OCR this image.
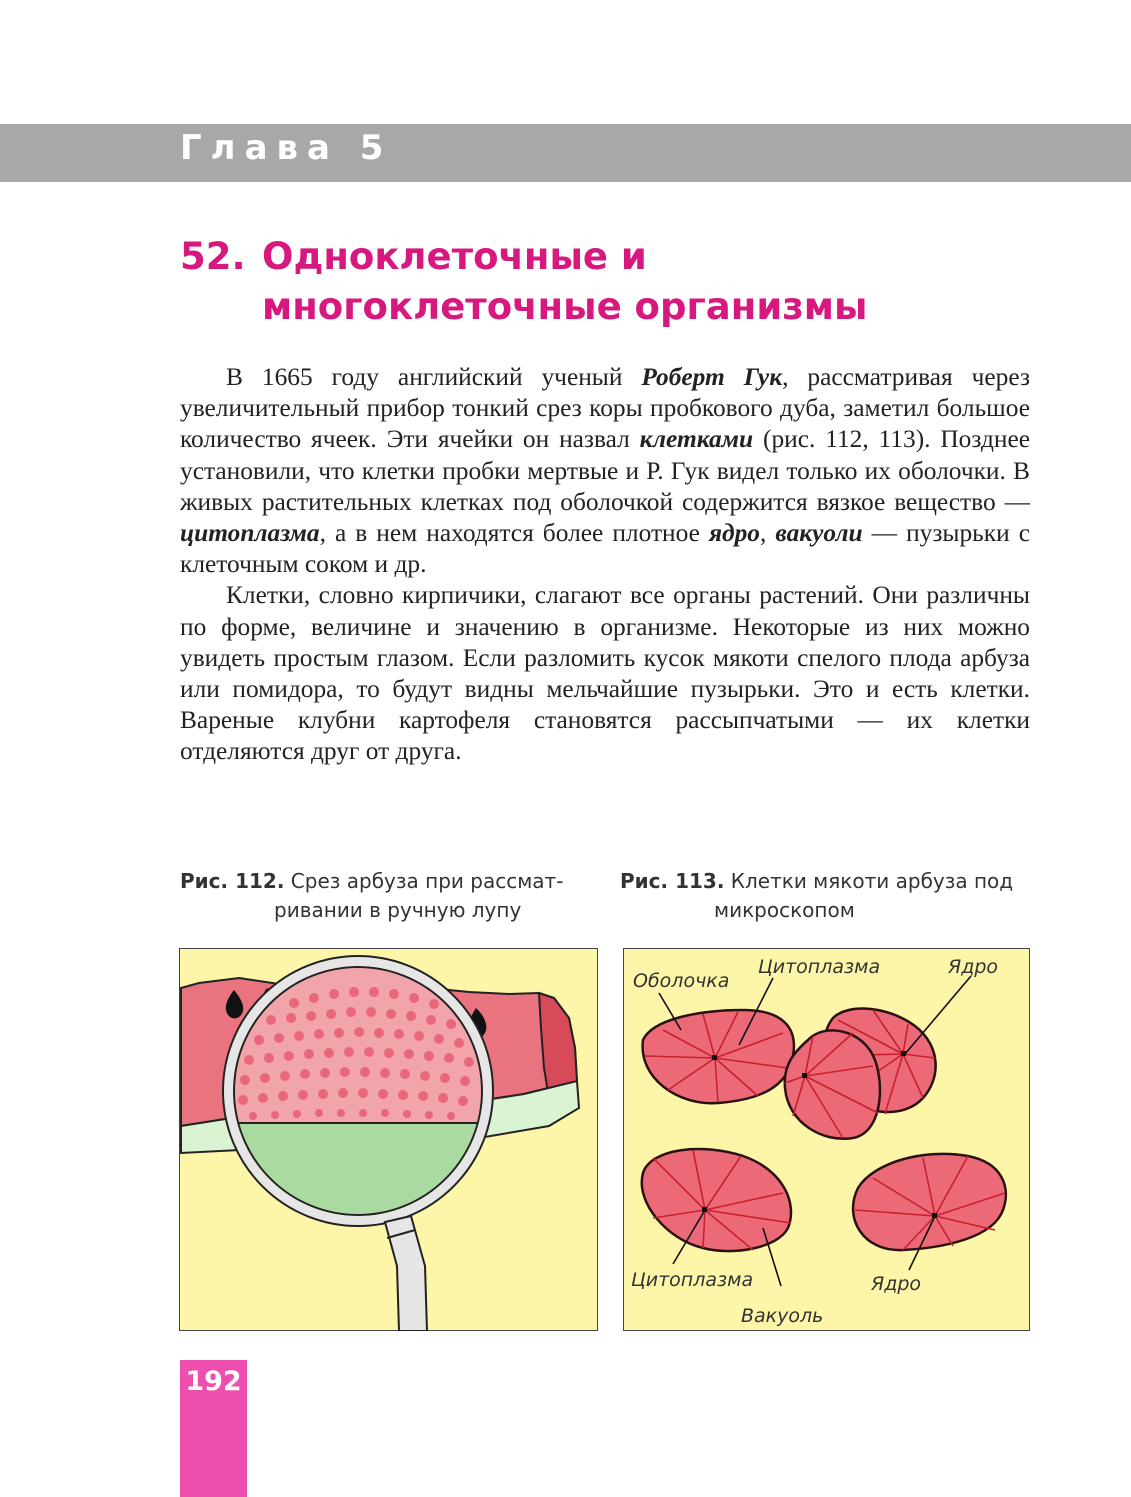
Глава 5
52. Одноклеточные и
многоклеточные организмы

В 1665 году английский ученый Роберт Гук, рассматривая через увеличительный прибор тонкий срез коры пробкового дуба, заметил большое количество ячеек. Эти ячейки он назвал клетками (рис. 112, 113). Позднее установили, что клетки пробки мертвые и Р. Гук видел только их оболочки. В живых растительных клетках под оболочкой содержится вязкое вещество — цитоплазма, а в нем находятся более плотное ядро, вакуоли — пузырьки с клеточным соком и др.

Клетки, словно кирпичики, слагают все органы растений. Они различны по форме, величине и значению в организме. Некоторые из них можно увидеть простым глазом. Если разломить кусок мякоти спелого плода арбуза или помидора, то будут видны мельчайшие пузырьки. Это и есть клетки. Вареные клубни картофеля становятся рассыпчатыми — их клетки отделяются друг от друга.

Рис. 112. Срез арбуза при рассмат-
ривании в ручную лупу
Рис. 113. Клетки мякоти арбуза под
микроскопом
Оболочка
Цитоплазма	Ядро
Цитоплазма	Ядро
Вакуоль
192
